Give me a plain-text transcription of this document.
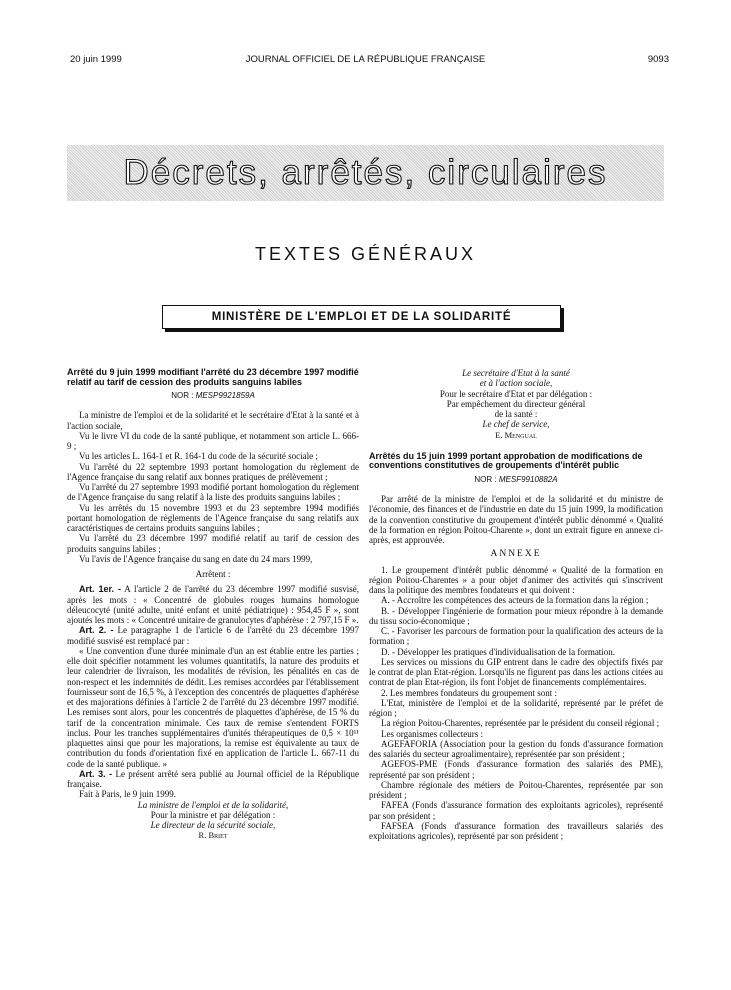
20 juin 1999	JOURNAL OFFICIEL DE LA RÉPUBLIQUE FRANÇAISE	9093
Décrets, arrêtés, circulaires
TEXTES GÉNÉRAUX
MINISTÈRE DE L'EMPLOI ET DE LA SOLIDARITÉ

Arrêté du 9 juin 1999 modifiant l'arrêté du 23 décembre 1997 modifié relatif au tarif de cession des produits sanguins labiles

NOR : MESP9921859A

La ministre de l'emploi et de la solidarité et le secrétaire d'Etat à la santé et à l'action sociale,

Vu le livre VI du code de la santé publique, et notamment son article L. 666-9 ;

Vu les articles L. 164-1 et R. 164-1 du code de la sécurité sociale ;

Vu l'arrêté du 22 septembre 1993 portant homologation du règlement de l'Agence française du sang relatif aux bonnes pratiques de prélèvement ;

Vu l'arrêté du 27 septembre 1993 modifié portant homologation du règlement de l'Agence française du sang relatif à la liste des produits sanguins labiles ;

Vu les arrêtés du 15 novembre 1993 et du 23 septembre 1994 modifiés portant homologation de règlements de l'Agence française du sang relatifs aux caractéristiques de certains produits sanguins labiles ;

Vu l'arrêté du 23 décembre 1997 modifié relatif au tarif de cession des produits sanguins labiles ;

Vu l'avis de l'Agence française du sang en date du 24 mars 1999,

Arrêtent :

Art. 1er. - A l'article 2 de l'arrêté du 23 décembre 1997 modifié susvisé, après les mots : « Concentré de globules rouges humains homologue déleucocyté (unité adulte, unité enfant et unité pédiatrique) : 954,45 F », sont ajoutés les mots : « Concentré unitaire de granulocytes d'aphérèse : 2 797,15 F ».

Art. 2. - Le paragraphe 1 de l'article 6 de l'arrêté du 23 décembre 1997 modifié susvisé est remplacé par :

« Une convention d'une durée minimale d'un an est établie entre les parties ; elle doit spécifier notamment les volumes quantitatifs, la nature des produits et leur calendrier de livraison, les modalités de révision, les pénalités en cas de non-respect et les indemnités de dédit. Les remises accordées par l'établissement fournisseur sont de 16,5 %, à l'exception des concentrés de plaquettes d'aphérèse et des majorations définies à l'article 2 de l'arrêté du 23 décembre 1997 modifié. Les remises sont alors, pour les concentrés de plaquettes d'aphérèse, de 15 % du tarif de la concentration minimale. Ces taux de remise s'entendent FORTS inclus. Pour les tranches supplémentaires d'unités thérapeutiques de 0,5 × 10¹¹ plaquettes ainsi que pour les majorations, la remise est équivalente au taux de contribution du fonds d'orientation fixé en application de l'article L. 667-11 du code de la santé publique. »

Art. 3. - Le présent arrêté sera publié au Journal officiel de la République française.

Fait à Paris, le 9 juin 1999.

La ministre de l'emploi et de la solidarité,

Pour la ministre et par délégation :

Le directeur de la sécurité sociale,

R. Briet

Le secrétaire d'Etat à la santé

et à l'action sociale,

Pour le secrétaire d'Etat et par délégation :

Par empêchement du directeur général

de la santé :

Le chef de service,

E. Mengual

Arrêtés du 15 juin 1999 portant approbation de modifications de conventions constitutives de groupements d'intérêt public

NOR : MESF9910882A

Par arrêté de la ministre de l'emploi et de la solidarité et du ministre de l'économie, des finances et de l'industrie en date du 15 juin 1999, la modification de la convention constitutive du groupement d'intérêt public dénommé « Qualité de la formation en région Poitou-Charente », dont un extrait figure en annexe ci-après, est approuvée.

ANNEXE

1. Le groupement d'intérêt public dénommé « Qualité de la formation en région Poitou-Charentes » a pour objet d'animer des activités qui s'inscrivent dans la politique des membres fondateurs et qui doivent :

A. - Accroître les compétences des acteurs de la formation dans la région ;

B. - Développer l'ingénierie de formation pour mieux répondre à la demande du tissu socio-économique ;

C. - Favoriser les parcours de formation pour la qualification des acteurs de la formation ;

D. - Développer les pratiques d'individualisation de la formation.

Les services ou missions du GIP entrent dans le cadre des objectifs fixés par le contrat de plan Etat-région. Lorsqu'ils ne figurent pas dans les actions citées au contrat de plan Etat-région, ils font l'objet de financements complémentaires.

2. Les membres fondateurs du groupement sont :

L'Etat, ministère de l'emploi et de la solidarité, représenté par le préfet de région ;

La région Poitou-Charentes, représentée par le président du conseil régional ;

Les organismes collecteurs :

AGEFAFORIA (Association pour la gestion du fonds d'assurance formation des salariés du secteur agroalimentaire), représentée par son président ;

AGEFOS-PME (Fonds d'assurance formation des salariés des PME), représenté par son président ;

Chambre régionale des métiers de Poitou-Charentes, représentée par son président ;

FAFEA (Fonds d'assurance formation des exploitants agricoles), représenté par son président ;

FAFSEA (Fonds d'assurance formation des travailleurs salariés des exploitations agricoles), représenté par son président ;
